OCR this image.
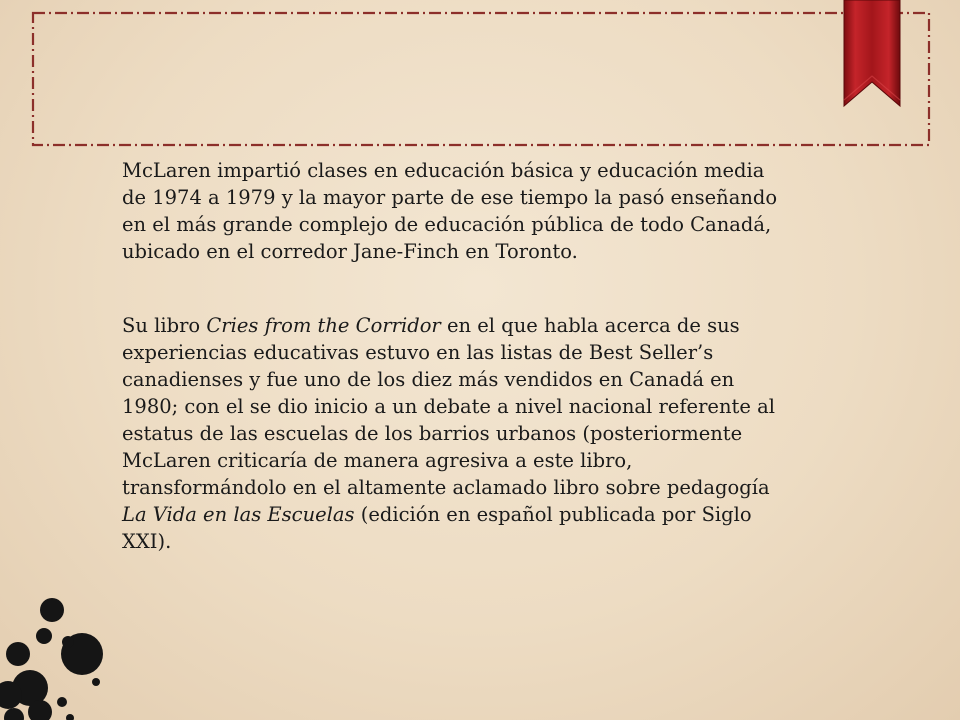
McLaren impartió clases en educación básica y educación media de 1974 a 1979 y la mayor parte de ese tiempo la pasó enseñando en el más grande complejo de educación pública de todo Canadá, ubicado en el corredor Jane-Finch en Toronto.

Su libro Cries from the Corridor en el que habla acerca de sus experiencias educativas estuvo en las listas de Best Seller’s canadienses y fue uno de los diez más vendidos en Canadá en 1980; con el se dio inicio a un debate a nivel nacional referente al estatus de las escuelas de los barrios urbanos (posteriormente McLaren criticaría de manera agresiva a este libro, transformándolo en el altamente aclamado libro sobre pedagogía La Vida en las Escuelas (edición en español publicada por Siglo XXI).
